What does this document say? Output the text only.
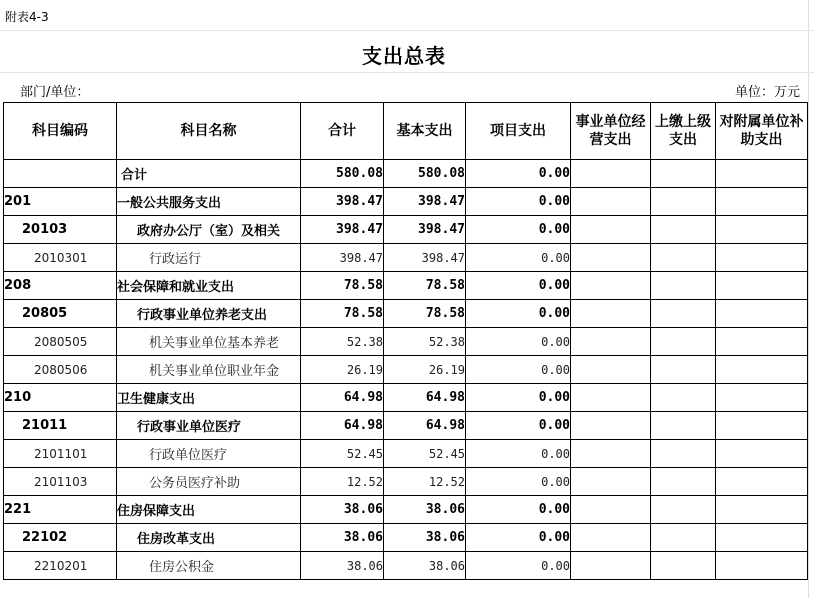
附表4-3
支出总表
部门/单位：	单位：万元
科目编码	科目名称	合计	基本支出	项目支出	事业单位经营支出	上缴上级支出	对附属单位补助支出
	合计	580.08	580.08	0.00			
201	一般公共服务支出	398.47	398.47	0.00			
20103	政府办公厅（室）及相关	398.47	398.47	0.00			
2010301	行政运行	398.47	398.47	0.00			
208	社会保障和就业支出	78.58	78.58	0.00			
20805	行政事业单位养老支出	78.58	78.58	0.00			
2080505	机关事业单位基本养老	52.38	52.38	0.00			
2080506	机关事业单位职业年金	26.19	26.19	0.00			
210	卫生健康支出	64.98	64.98	0.00			
21011	行政事业单位医疗	64.98	64.98	0.00			
2101101	行政单位医疗	52.45	52.45	0.00			
2101103	公务员医疗补助	12.52	12.52	0.00			
221	住房保障支出	38.06	38.06	0.00			
22102	住房改革支出	38.06	38.06	0.00			
2210201	住房公积金	38.06	38.06	0.00			
